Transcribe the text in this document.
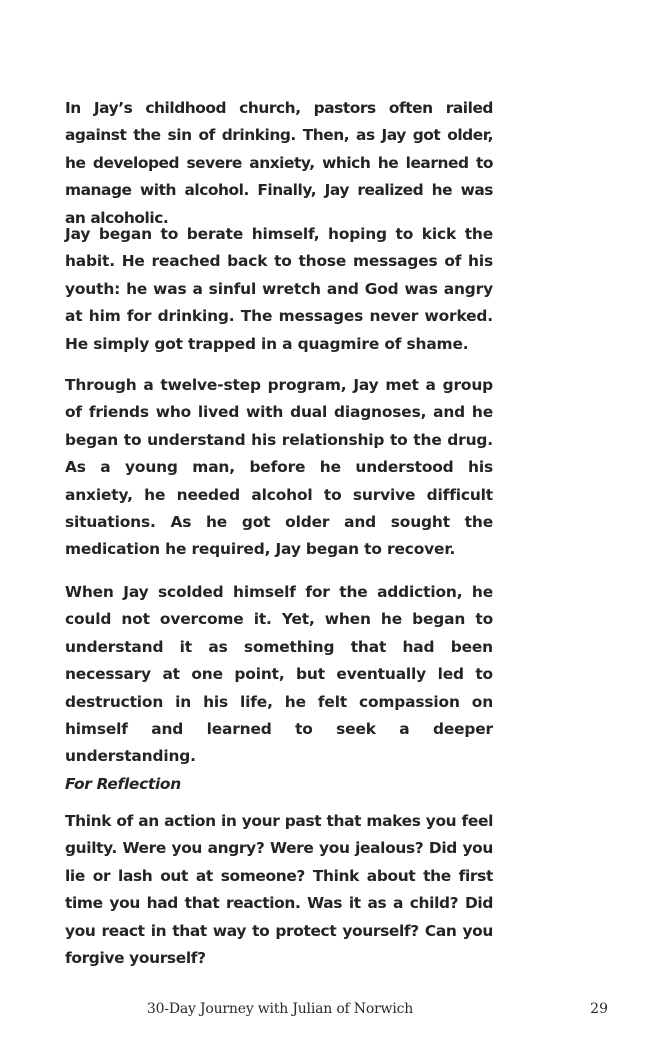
In Jay’s childhood church, pastors often railed against the sin of drinking. Then, as Jay got older, he developed severe anxiety, which he learned to manage with alcohol. Finally, Jay realized he was an alcoholic.

Jay began to berate himself, hoping to kick the habit. He reached back to those messages of his youth: he was a sinful wretch and God was angry at him for drinking. The messages never worked. He simply got trapped in a quagmire of shame.

Through a twelve-step program, Jay met a group of friends who lived with dual diagnoses, and he began to understand his relationship to the drug. As a young man, before he understood his anxiety, he needed alcohol to survive difficult situations. As he got older and sought the medication he required, Jay began to recover.

When Jay scolded himself for the addiction, he could not overcome it. Yet, when he began to understand it as something that had been necessary at one point, but eventually led to destruction in his life, he felt compassion on himself and learned to seek a deeper understanding.

For Reflection

Think of an action in your past that makes you feel guilty. Were you angry? Were you jealous? Did you lie or lash out at someone? Think about the first time you had that reaction. Was it as a child? Did you react in that way to protect yourself? Can you forgive yourself?

30-Day Journey with Julian of Norwich	29
